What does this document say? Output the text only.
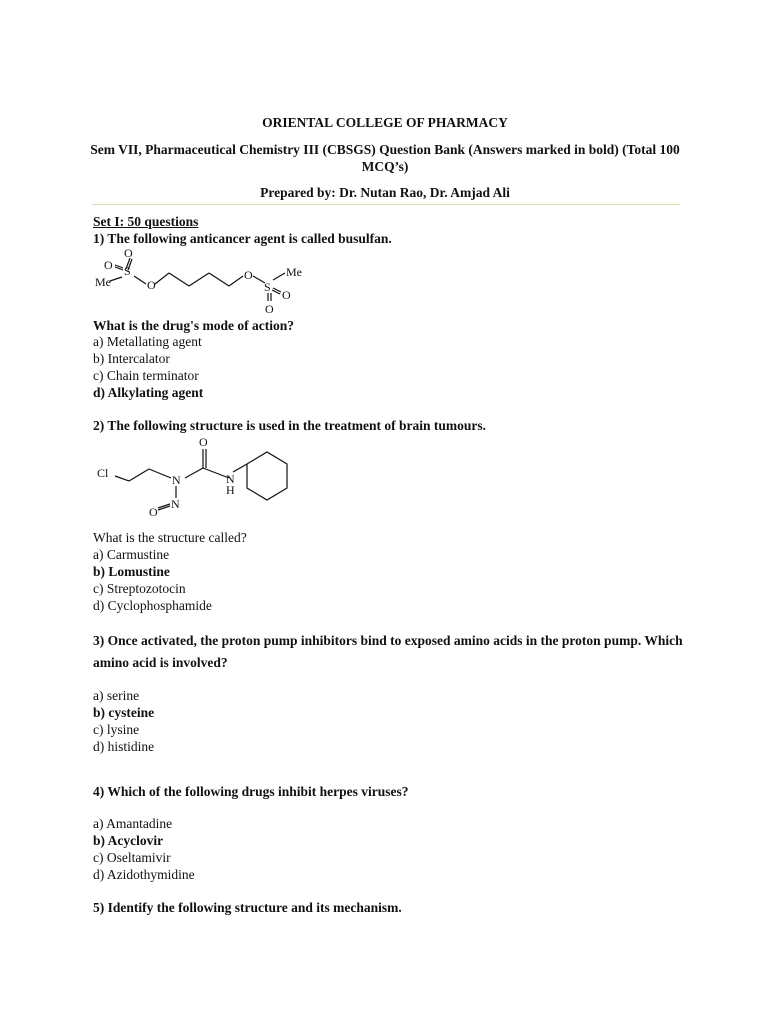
ORIENTAL COLLEGE OF PHARMACY
Sem VII, Pharmaceutical Chemistry III (CBSGS) Question Bank (Answers marked in bold) (Total 100 MCQ’s)
Prepared by: Dr. Nutan Rao, Dr. Amjad Ali
Set I: 50 questions
1) The following anticancer agent is called busulfan.
O
O S
Me	O
O
S
Me
O
O
What is the drug's mode of action?
a) Metallating agent
b) Intercalator
c) Chain terminator
d) Alkylating agent
2) The following structure is used in the treatment of brain tumours.
Cl	N
O
N
H
N
O
What is the structure called?
a) Carmustine
b) Lomustine
c) Streptozotocin
d) Cyclophosphamide
3) Once activated, the proton pump inhibitors bind to exposed amino acids in the proton pump. Which amino acid is involved?
a) serine
b) cysteine
c) lysine
d) histidine
4) Which of the following drugs inhibit herpes viruses?
a) Amantadine
b) Acyclovir
c) Oseltamivir
d) Azidothymidine
5) Identify the following structure and its mechanism.
